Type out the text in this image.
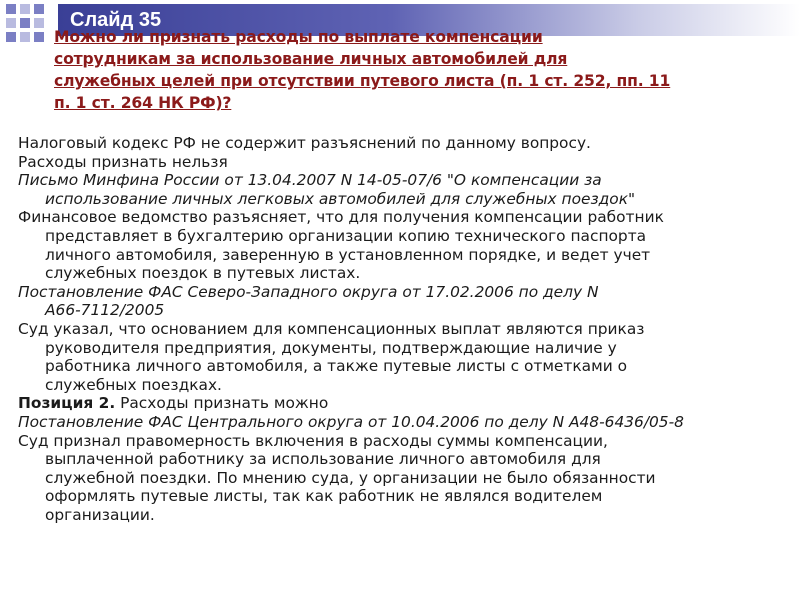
Слайд 35
Можно ли признать расходы по выплате компенсации
сотрудникам за использование личных автомобилей для
служебных целей при отсутствии путевого листа (п. 1 ст. 252, пп. 11
п. 1 ст. 264 НК РФ)?
Налоговый кодекс РФ не содержит разъяснений по данному вопросу.
Расходы признать нельзя
Письмо Минфина России от 13.04.2007 N 14-05-07/6 "О компенсации за
использование личных легковых автомобилей для служебных поездок"
Финансовое ведомство разъясняет, что для получения компенсации работник
представляет в бухгалтерию организации копию технического паспорта
личного автомобиля, заверенную в установленном порядке, и ведет учет
служебных поездок в путевых листах.
Постановление ФАС Северо-Западного округа от 17.02.2006 по делу N
А66-7112/2005
Суд указал, что основанием для компенсационных выплат являются приказ
руководителя предприятия, документы, подтверждающие наличие у
работника личного автомобиля, а также путевые листы с отметками о
служебных поездках.
Позиция 2. Расходы признать можно
Постановление ФАС Центрального округа от 10.04.2006 по делу N А48-6436/05-8
Суд признал правомерность включения в расходы суммы компенсации,
выплаченной работнику за использование личного автомобиля для
служебной поездки. По мнению суда, у организации не было обязанности
оформлять путевые листы, так как работник не являлся водителем
организации.
